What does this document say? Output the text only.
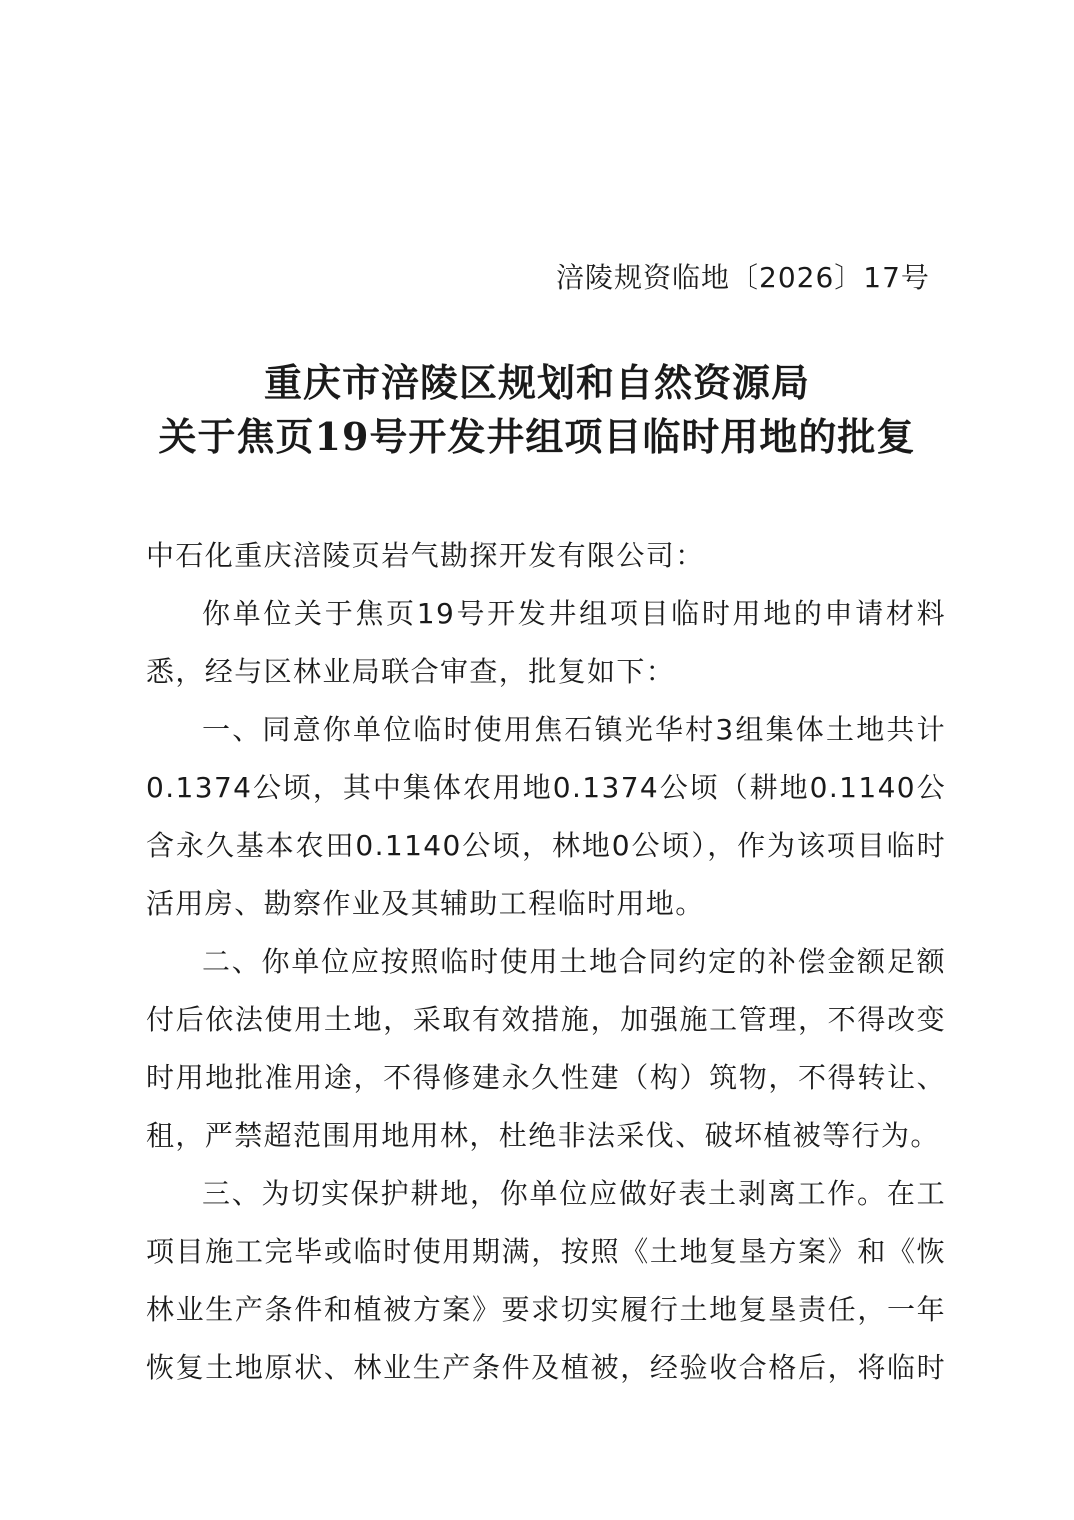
涪陵规资临地〔2026〕17号
重庆市涪陵区规划和自然资源局
关于焦页19号开发井组项目临时用地的批复
中石化重庆涪陵页岩气勘探开发有限公司：
你单位关于焦页19号开发井组项目临时用地的申请材料
悉，经与区林业局联合审查，批复如下：
一、同意你单位临时使用焦石镇光华村3组集体土地共计
0.1374公顷，其中集体农用地0.1374公顷（耕地0.1140公
含永久基本农田0.1140公顷，林地0公顷），作为该项目临时
活用房、勘察作业及其辅助工程临时用地。
二、你单位应按照临时使用土地合同约定的补偿金额足额
付后依法使用土地，采取有效措施，加强施工管理，不得改变
时用地批准用途，不得修建永久性建（构）筑物，不得转让、
租，严禁超范围用地用林，杜绝非法采伐、破坏植被等行为。
三、为切实保护耕地，你单位应做好表土剥离工作。在工
项目施工完毕或临时使用期满，按照《土地复垦方案》和《恢
林业生产条件和植被方案》要求切实履行土地复垦责任，一年
恢复土地原状、林业生产条件及植被，经验收合格后，将临时
